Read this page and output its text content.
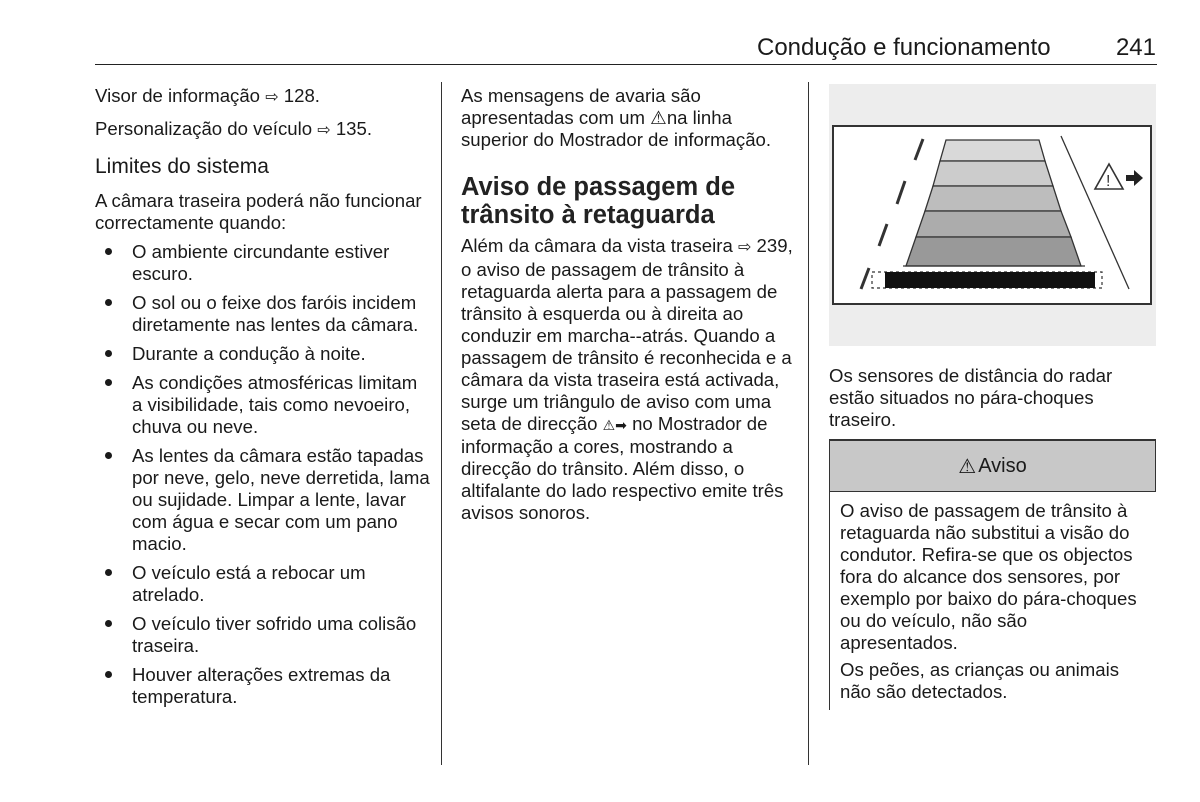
Condução e funcionamento	241

Visor de informação ⇨ 128.

Personalização do veículo ⇨ 135.

Limites do sistema

A câmara traseira poderá não funcionar correctamente quando:

O ambiente circundante estiver escuro.
O sol ou o feixe dos faróis incidem diretamente nas lentes da câmara.
Durante a condução à noite.
As condições atmosféricas limitam a visibilidade, tais como nevoeiro, chuva ou neve.
As lentes da câmara estão tapadas por neve, gelo, neve derretida, lama ou sujidade. Limpar a lente, lavar com água e secar com um pano macio.
O veículo está a rebocar um atrelado.
O veículo tiver sofrido uma colisão traseira.
Houver alterações extremas da temperatura.

As mensagens de avaria são apresentadas com um ⚠na linha superior do Mostrador de informação.

Aviso de passagem de trânsito à retaguarda

Além da câmara da vista traseira ⇨ 239, o aviso de passagem de trânsito à retaguarda alerta para a passagem de trânsito à esquerda ou à direita ao conduzir em marcha--atrás. Quando a passagem de trânsito é reconhecida e a câmara da vista traseira está activada, surge um triângulo de aviso com uma seta de direcção ⚠➡ no Mostrador de informação a cores, mostrando a direcção do trânsito. Além disso, o altifalante do lado respectivo emite três avisos sonoros.

!

Os sensores de distância do radar estão situados no pára-choques traseiro.

⚠ Aviso

O aviso de passagem de trânsito à retaguarda não substitui a visão do condutor. Refira-se que os objectos fora do alcance dos sensores, por exemplo por baixo do pára-choques ou do veículo, não são apresentados.

Os peões, as crianças ou animais não são detectados.
